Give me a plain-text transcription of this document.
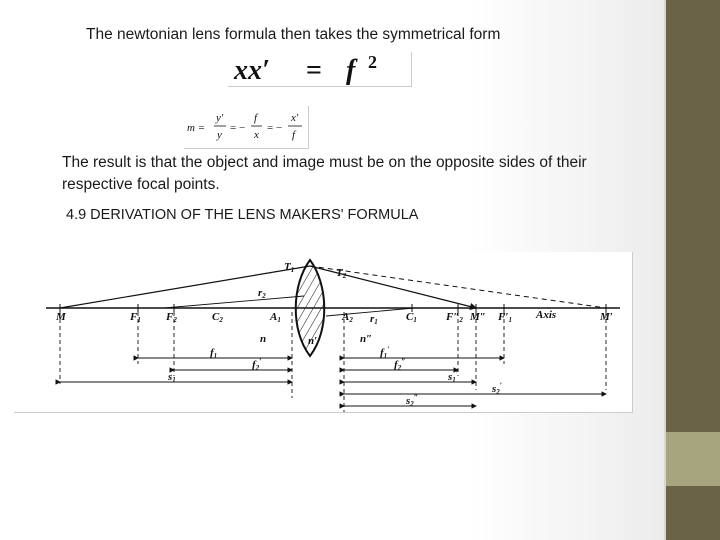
The newtonian lens formula then takes the symmetrical form
xx′ = f 2
m =
y′
y
= −
f
x
= −
x′
f
The result is that the object and image must be on the opposite sides of their respective focal points.
4.9 DERIVATION OF THE LENS MAKERS' FORMULA
T1	T2
r2
r1
M	F1 F2	C2	A1	A2	C1	F″2 M″ F′1 Axis	M′
n	n′	n″
f1
f2′
s1
f1′
f2″
s1′
s2′
s2″
